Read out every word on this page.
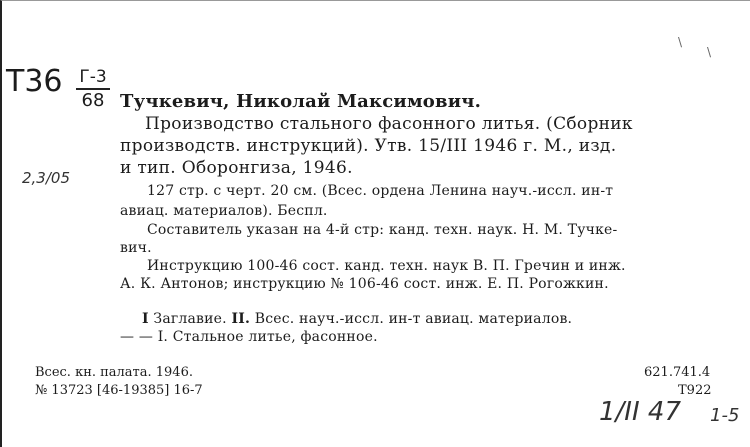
Т36 Г-3
68
2,3/05
Тучкевич, Николай Максимович.
Производство стального фасонного литья. (Сборник
производств. инструкций). Утв. 15/III 1946 г. М., изд.
и тип. Оборонгиза, 1946.
127 стр. с черт. 20 см. (Всес. ордена Ленина науч.-иссл. ин-т
авиац. материалов). Беспл.
Составитель указан на 4-й стр: канд. техн. наук. Н. М. Тучке-
вич.
Инструкцию 100-46 сост. канд. техн. наук В. П. Гречин и инж.
А. К. Антонов; инструкцию № 106-46 сост. инж. Е. П. Рогожкин.
I Заглавие. II. Всес. науч.-иссл. ин-т авиац. материалов.
— — I. Стальное литье, фасонное.
Всес. кн. палата. 1946.
№ 13723 [46-19385] 16-7
621.741.4
Т922
1/II 47 1-5
\
\
